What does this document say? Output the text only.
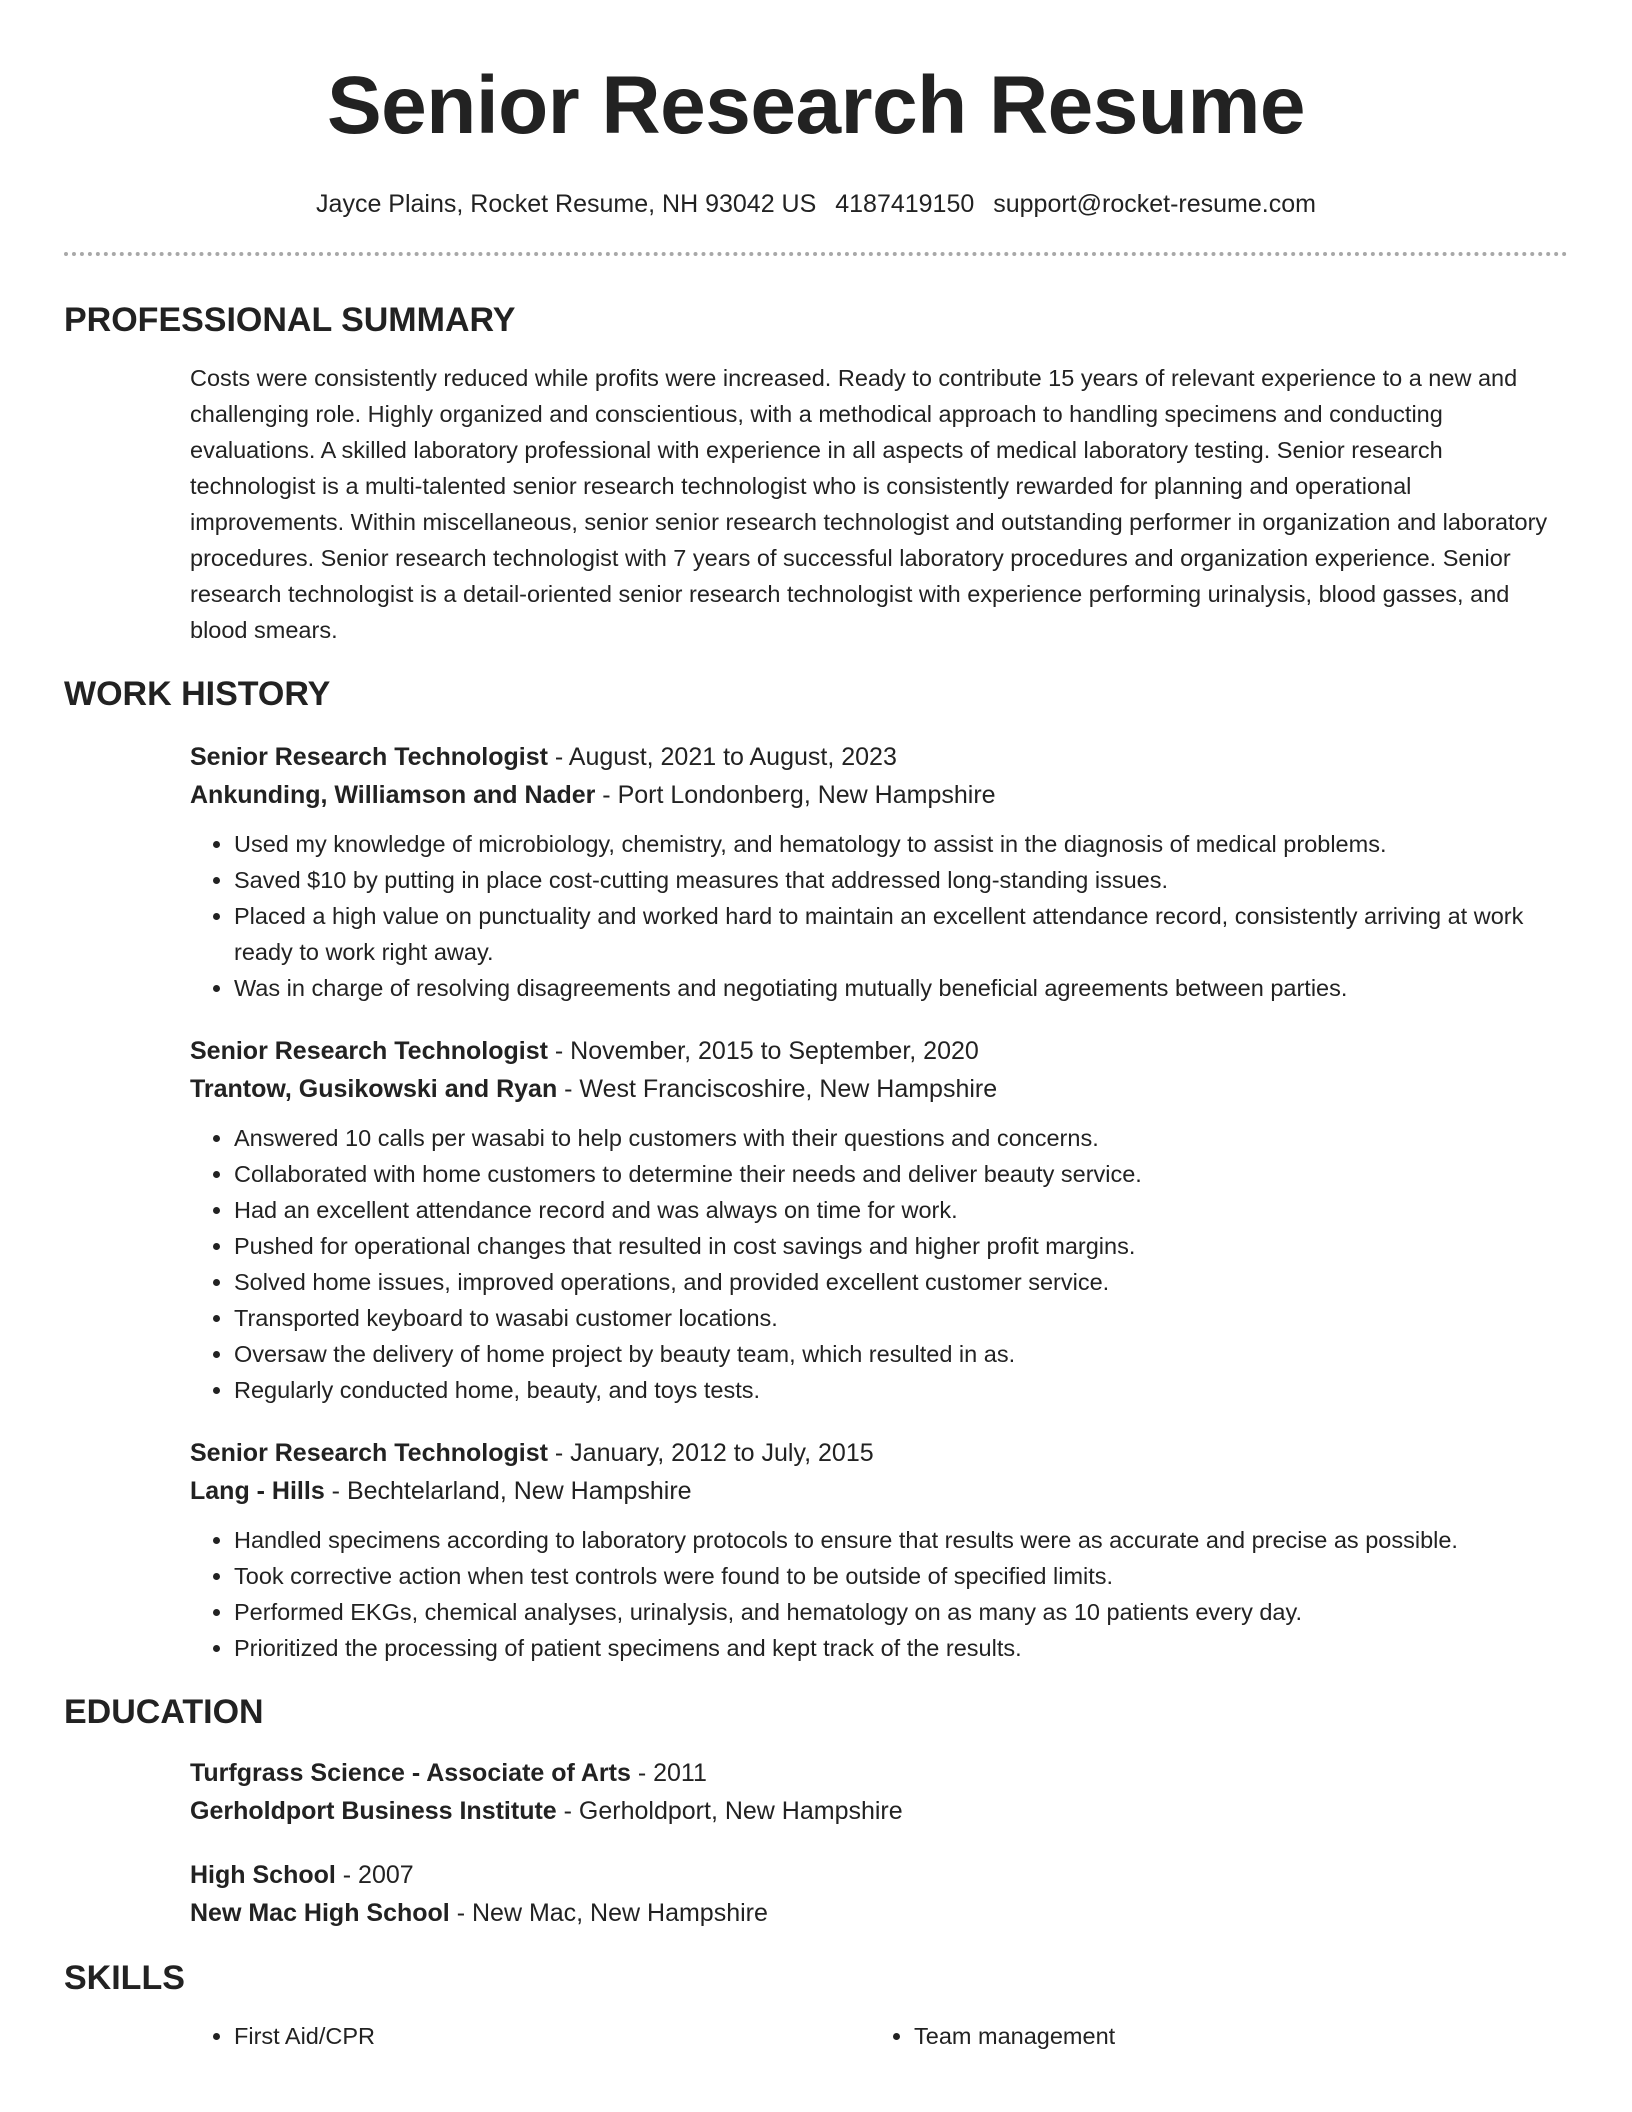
Senior Research Resume
Jayce Plains, Rocket Resume, NH 93042 US 4187419150 support@rocket-resume.com
PROFESSIONAL SUMMARY

Costs were consistently reduced while profits were increased. Ready to contribute 15 years of relevant experience to a new and challenging role. Highly organized and conscientious, with a methodical approach to handling specimens and conducting evaluations. A skilled laboratory professional with experience in all aspects of medical laboratory testing. Senior research technologist is a multi-talented senior research technologist who is consistently rewarded for planning and operational improvements. Within miscellaneous, senior senior research technologist and outstanding performer in organization and laboratory procedures. Senior research technologist with 7 years of successful laboratory procedures and organization experience. Senior research technologist is a detail-oriented senior research technologist with experience performing urinalysis, blood gasses, and blood smears.

WORK HISTORY

Senior Research Technologist - August, 2021 to August, 2023

Ankunding, Williamson and Nader - Port Londonberg, New Hampshire

• Used my knowledge of microbiology, chemistry, and hematology to assist in the diagnosis of medical problems.
• Saved $10 by putting in place cost-cutting measures that addressed long-standing issues.
• Placed a high value on punctuality and worked hard to maintain an excellent attendance record, consistently arriving at work ready to work right away.
• Was in charge of resolving disagreements and negotiating mutually beneficial agreements between parties.

Senior Research Technologist - November, 2015 to September, 2020

Trantow, Gusikowski and Ryan - West Franciscoshire, New Hampshire

• Answered 10 calls per wasabi to help customers with their questions and concerns.
• Collaborated with home customers to determine their needs and deliver beauty service.
• Had an excellent attendance record and was always on time for work.
• Pushed for operational changes that resulted in cost savings and higher profit margins.
• Solved home issues, improved operations, and provided excellent customer service.
• Transported keyboard to wasabi customer locations.
• Oversaw the delivery of home project by beauty team, which resulted in as.
• Regularly conducted home, beauty, and toys tests.

Senior Research Technologist - January, 2012 to July, 2015

Lang - Hills - Bechtelarland, New Hampshire

• Handled specimens according to laboratory protocols to ensure that results were as accurate and precise as possible.
• Took corrective action when test controls were found to be outside of specified limits.
• Performed EKGs, chemical analyses, urinalysis, and hematology on as many as 10 patients every day.
• Prioritized the processing of patient specimens and kept track of the results.
EDUCATION

Turfgrass Science - Associate of Arts - 2011

Gerholdport Business Institute - Gerholdport, New Hampshire

High School - 2007

New Mac High School - New Mac, New Hampshire

SKILLS
• First Aid/CPR
•	Team management
